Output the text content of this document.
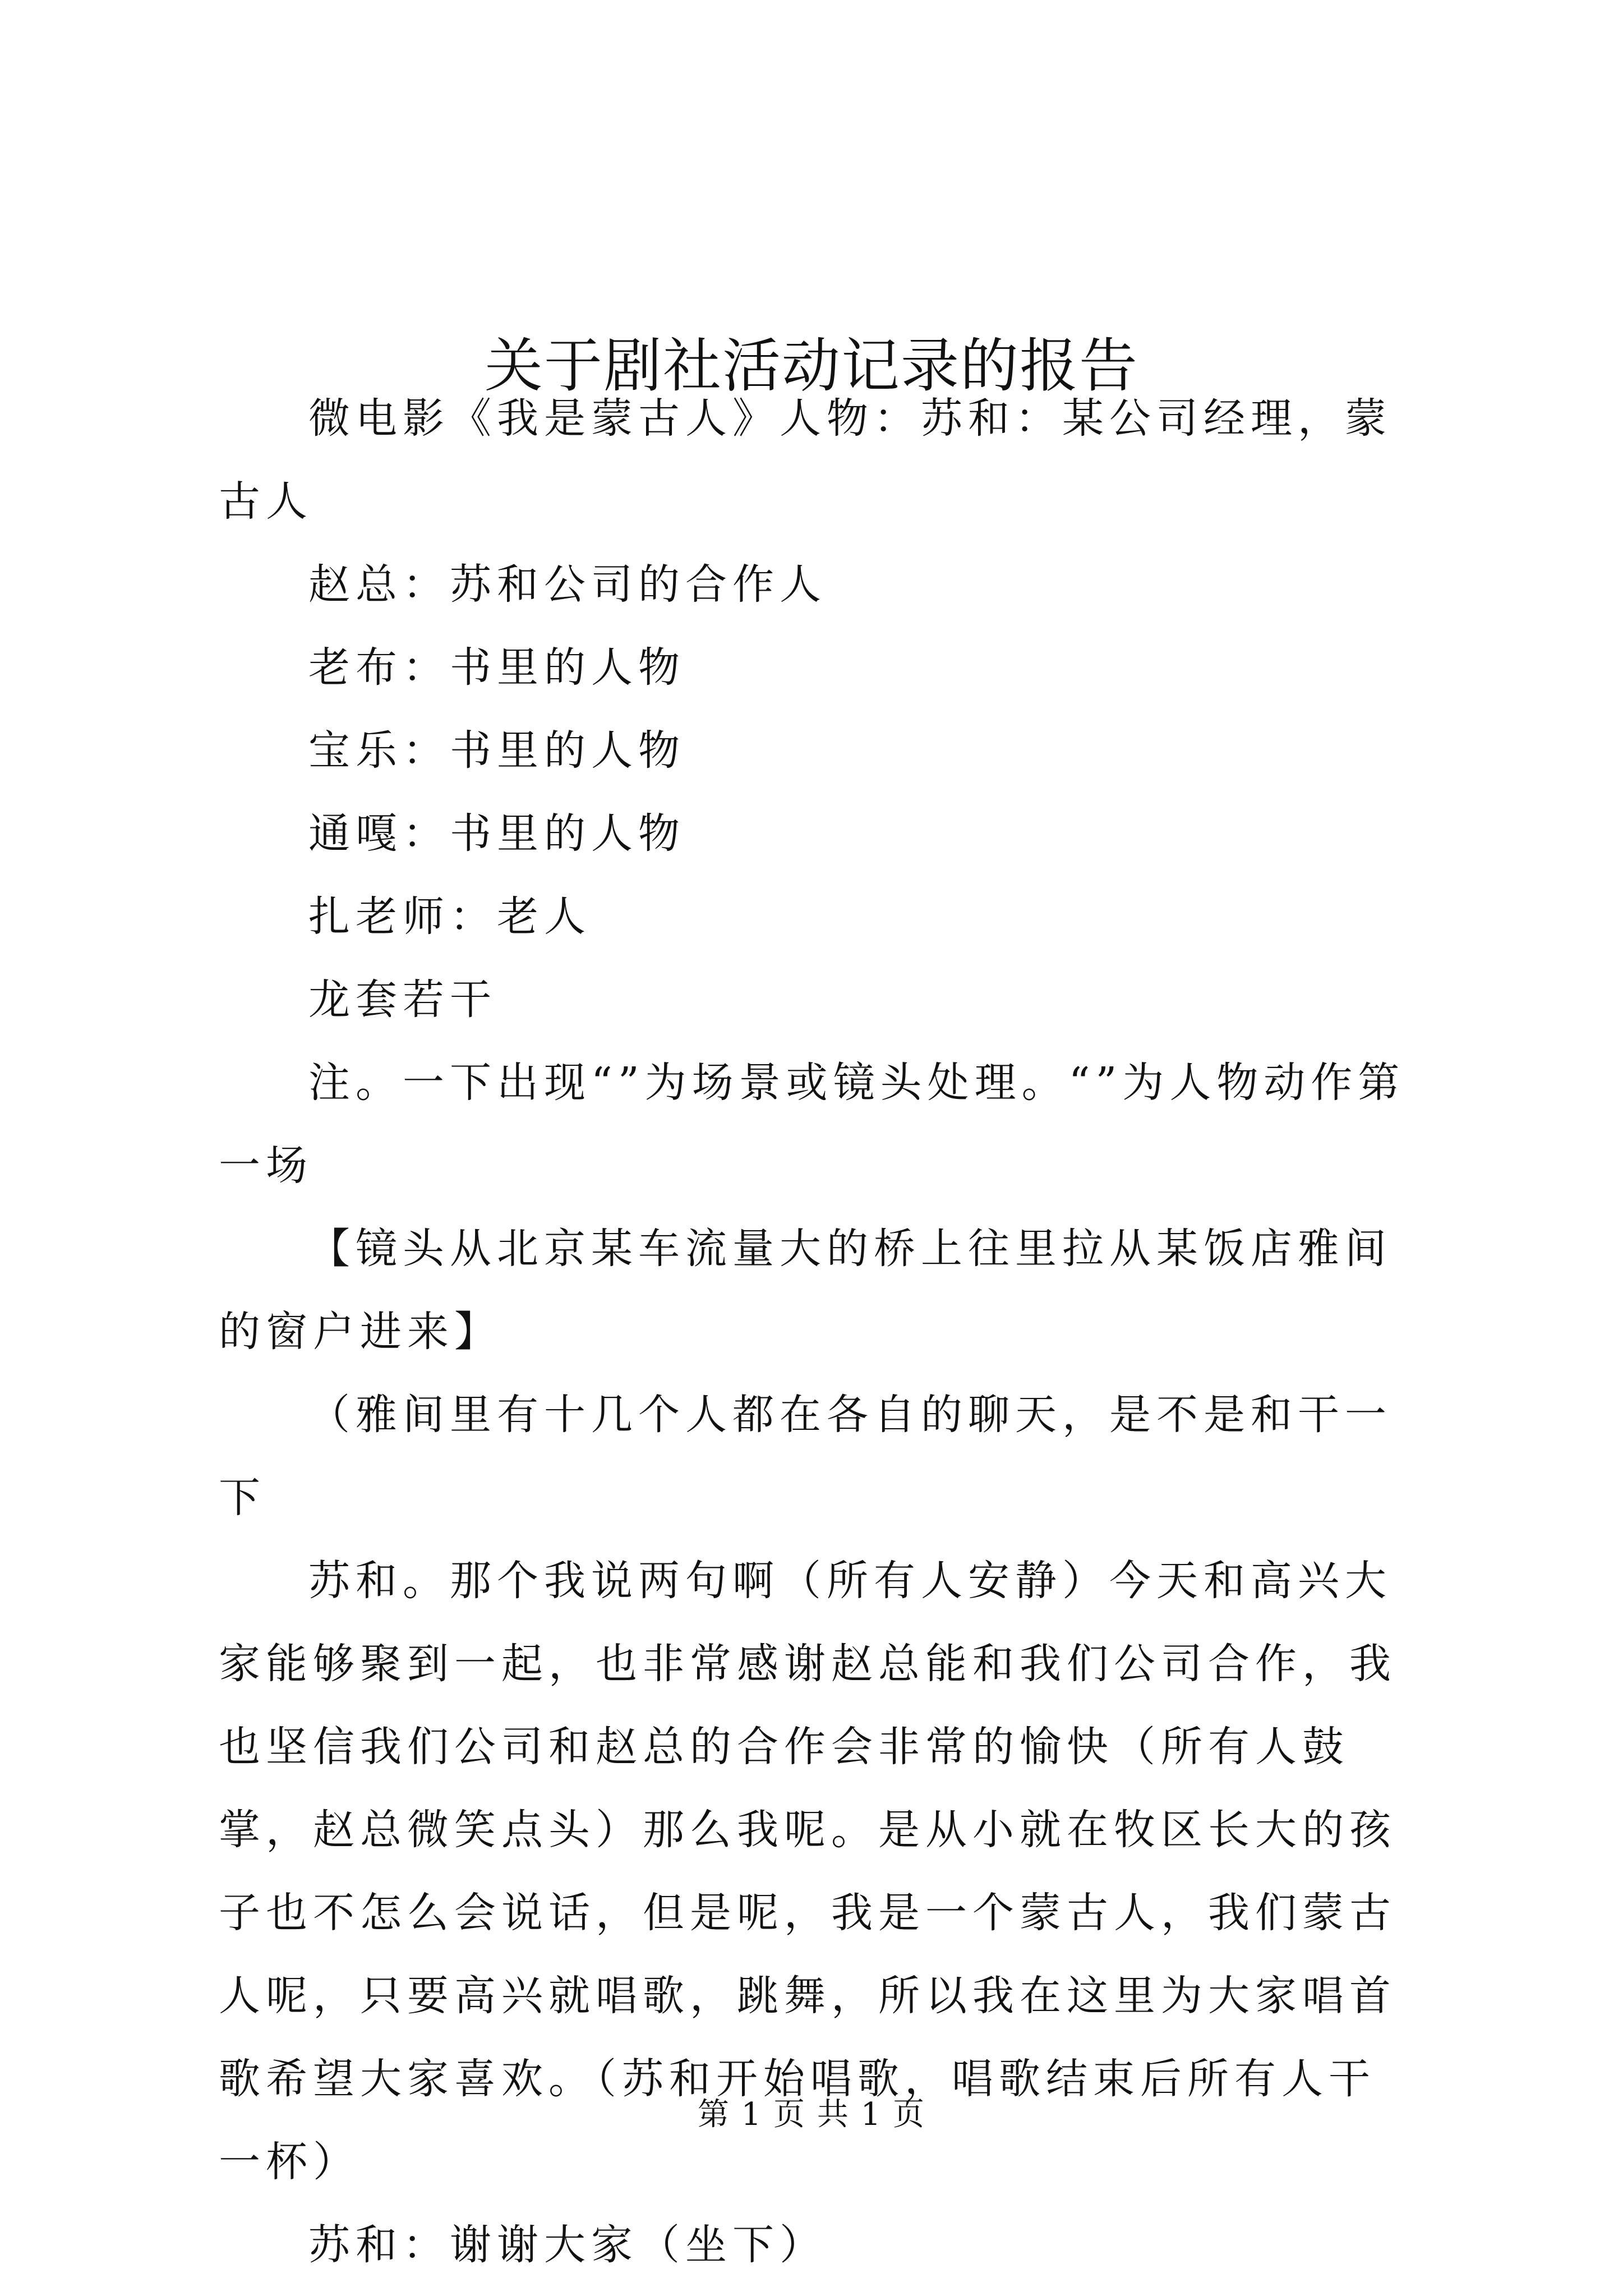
关于剧社活动记录的报告

微电影《我是蒙古人》人物：苏和：某公司经理，蒙古人

赵总：苏和公司的合作人

老布：书里的人物

宝乐：书里的人物

通嘎：书里的人物

扎老师：老人

龙套若干

注。一下出现“”为场景或镜头处理。“”为人物动作第一场

【镜头从北京某车流量大的桥上往里拉从某饭店雅间的窗户进来】

（雅间里有十几个人都在各自的聊天，是不是和干一下

苏和。那个我说两句啊（所有人安静）今天和高兴大家能够聚到一起，也非常感谢赵总能和我们公司合作，我也坚信我们公司和赵总的合作会非常的愉快（所有人鼓掌，赵总微笑点头）那么我呢。是从小就在牧区长大的孩子也不怎么会说话，但是呢，我是一个蒙古人，我们蒙古人呢，只要高兴就唱歌，跳舞，所以我在这里为大家唱首歌希望大家喜欢。（苏和开始唱歌，唱歌结束后所有人干一杯）

苏和：谢谢大家（坐下）

第 1 页 共 1 页
